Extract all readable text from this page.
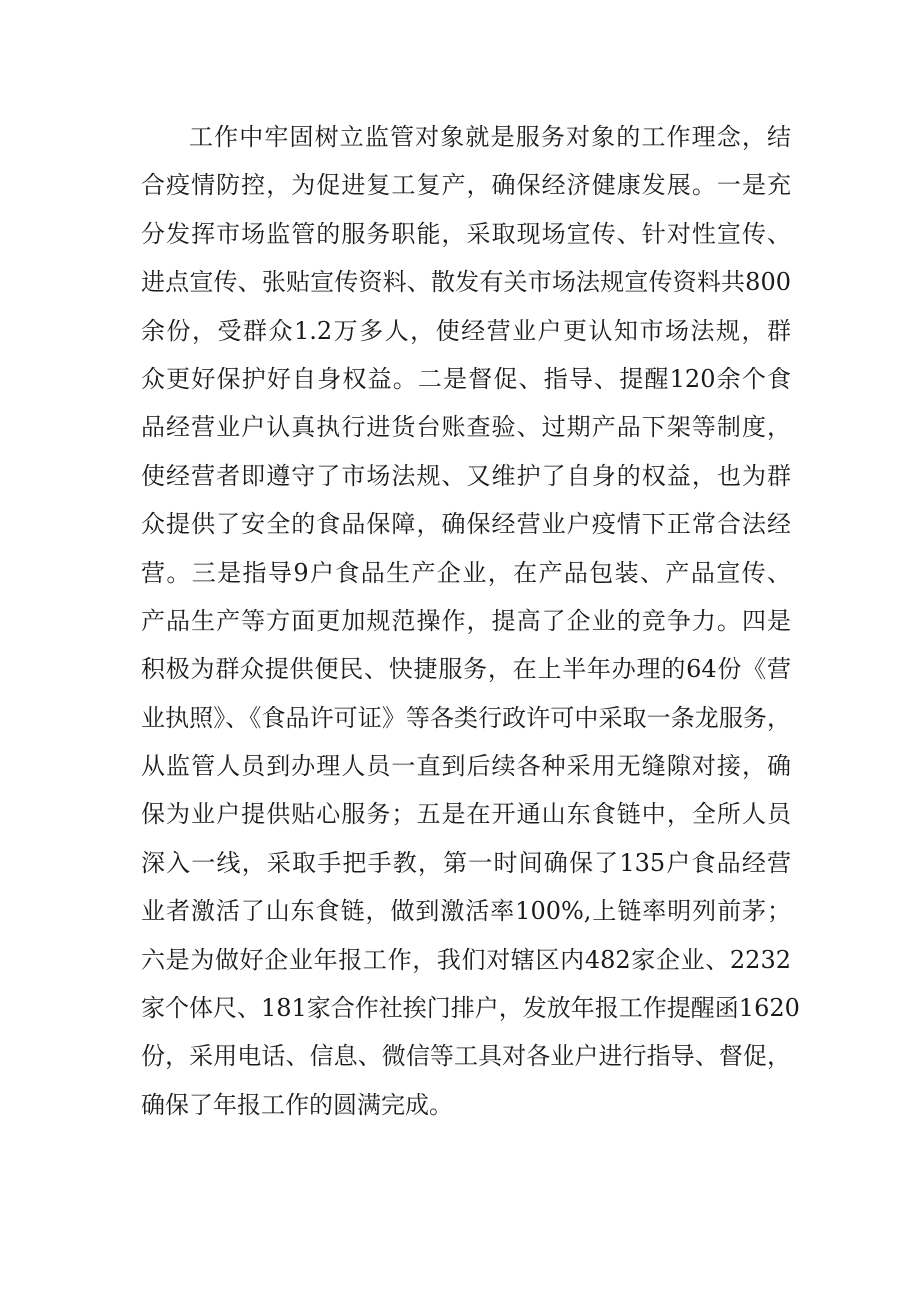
工作中牢固树立监管对象就是服务对象的工作理念，结
合疫情防控，为促进复工复产，确保经济健康发展。一是充
分发挥市场监管的服务职能，采取现场宣传、针对性宣传、
进点宣传、张贴宣传资料、散发有关市场法规宣传资料共800
余份，受群众1.2万多人，使经营业户更认知市场法规，群
众更好保护好自身权益。二是督促、指导、提醒120余个食
品经营业户认真执行进货台账查验、过期产品下架等制度，
使经营者即遵守了市场法规、又维护了自身的权益，也为群
众提供了安全的食品保障，确保经营业户疫情下正常合法经
营。三是指导9户食品生产企业，在产品包装、产品宣传、
产品生产等方面更加规范操作，提高了企业的竞争力。四是
积极为群众提供便民、快捷服务，在上半年办理的64份《营
业执照》、《食品许可证》等各类行政许可中采取一条龙服务，
从监管人员到办理人员一直到后续各种采用无缝隙对接，确
保为业户提供贴心服务；五是在开通山东食链中，全所人员
深入一线，采取手把手教，第一时间确保了135户食品经营
业者激活了山东食链，做到激活率100%,上链率明列前茅；
六是为做好企业年报工作，我们对辖区内482家企业、2232
家个体尺、181家合作社挨门排户，发放年报工作提醒函1620
份，采用电话、信息、微信等工具对各业户进行指导、督促，
确保了年报工作的圆满完成。
